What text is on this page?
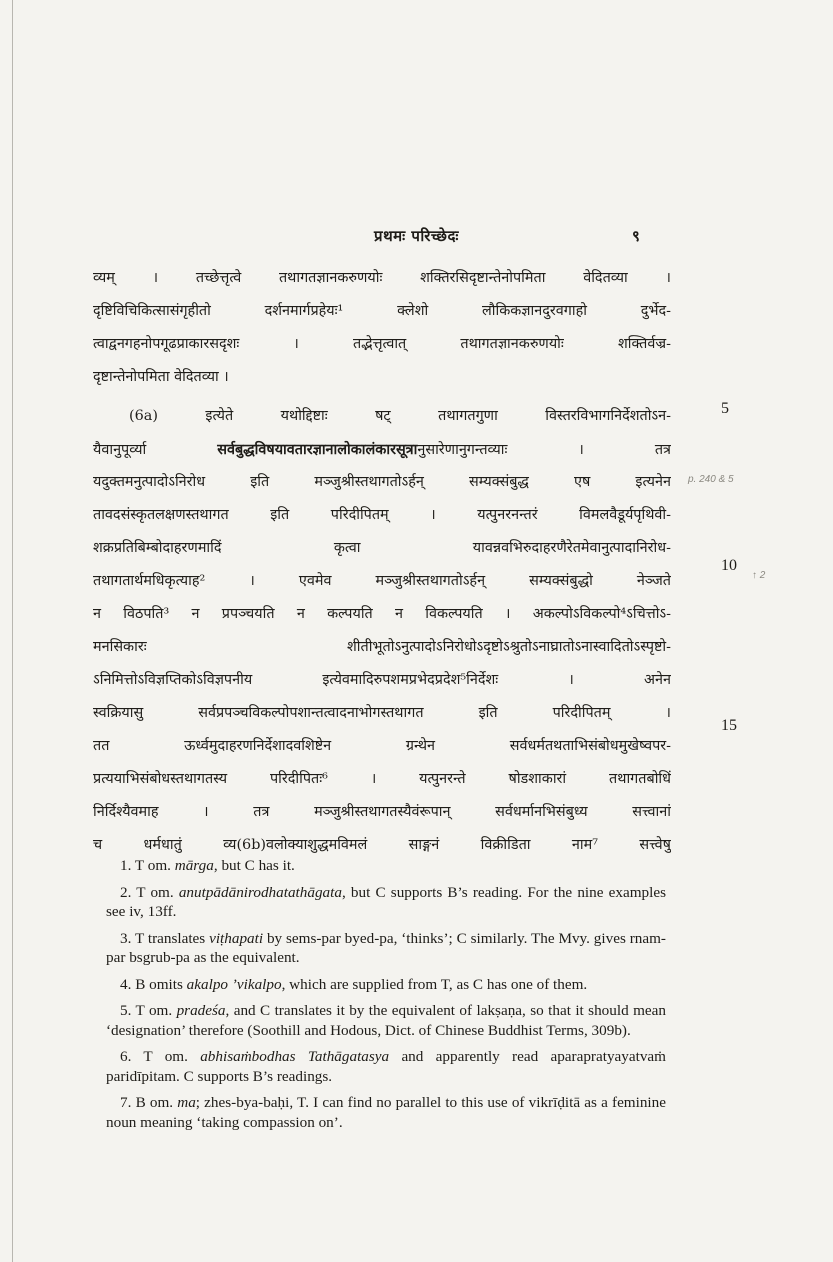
प्रथमः परिच्छेदः	९
व्यम् । तच्छेत्तृत्वे तथागतज्ञानकरुणयोः शक्तिरसिदृष्टान्तेनोपमिता वेदितव्या ।
दृष्टिविचिकित्सासंगृहीतो दर्शनमार्गप्रहेयः¹ क्लेशो लौकिकज्ञानदुरवगाहो दुर्भेद-
त्वाद्वनगहनोपगूढप्राकारसदृशः । तद्भेत्तृत्वात् तथागतज्ञानकरुणयोः शक्तिर्वज्र-
दृष्टान्तेनोपमिता वेदितव्या ।
(6a) इत्येते यथोद्दिष्टाः षट् तथागतगुणा विस्तरविभागनिर्देशतोऽन-
यैवानुपूर्व्या सर्वबुद्धविषयावतारज्ञानालोकालंकारसूत्रानुसारेणानुगन्तव्याः । तत्र
यदुक्तमनुत्पादोऽनिरोध इति मञ्जुश्रीस्तथागतोऽर्हन् सम्यक्संबुद्ध एष इत्यनेन
तावदसंस्कृतलक्षणस्तथागत इति परिदीपितम् । यत्पुनरनन्तरं विमलवैडूर्यपृथिवी-
शक्रप्रतिबिम्बोदाहरणमादिं कृत्वा यावन्नवभिरुदाहरणैरेतमेवानुत्पादानिरोध-
तथागतार्थमधिकृत्याह² । एवमेव मञ्जुश्रीस्तथागतोऽर्हन् सम्यक्संबुद्धो नेञ्जते
न विठपति³ न प्रपञ्चयति न कल्पयति न विकल्पयति । अकल्पोऽविकल्पो⁴ऽचित्तोऽ-
मनसिकारः शीतीभूतोऽनुत्पादोऽनिरोधोऽदृष्टोऽश्रुतोऽनाघ्रातोऽनास्वादितोऽस्पृष्टो-
ऽनिमित्तोऽविज्ञप्तिकोऽविज्ञपनीय इत्येवमादिरुपशमप्रभेदप्रदेश⁵निर्देशः । अनेन
स्वक्रियासु सर्वप्रपञ्चविकल्पोपशान्तत्वादनाभोगस्तथागत इति परिदीपितम् ।
तत ऊर्ध्वमुदाहरणनिर्देशादवशिष्टेन ग्रन्थेन सर्वधर्मतथताभिसंबोधमुखेष्वपर-
प्रत्ययाभिसंबोधस्तथागतस्य परिदीपितः⁶ । यत्पुनरन्ते षोडशाकारां तथागतबोधिं
निर्दिश्यैवमाह । तत्र मञ्जुश्रीस्तथागतस्यैवंरूपान् सर्वधर्मानभिसंबुध्य सत्त्वानां
च धर्मधातुं व्य(6b)वलोक्याशुद्धमविमलं साङ्गनं विक्रीडिता नाम⁷ सत्त्वेषु
5
10
15
p. 240 & 5
↑ 2
1. T om. mārga, but C has it.
2. T om. anutpādānirodhatathāgata, but C supports B’s reading. For the nine examples see iv, 13ff.
3. T translates viṭhapati by sems-par byed-pa, ‘thinks’; C similarly. The Mvy. gives rnam-par bsgrub-pa as the equivalent.
4. B omits akalpo ’vikalpo, which are supplied from T, as C has one of them.
5. T om. pradeśa, and C translates it by the equivalent of lakṣaṇa, so that it should mean ‘designation’ therefore (Soothill and Hodous, Dict. of Chinese Buddhist Terms, 309b).
6. T om. abhisaṁbodhas Tathāgatasya and apparently read aparapratyayatvaṁ paridīpitam. C supports B’s readings.
7. B om. ma; zhes-bya-baḥi, T. I can find no parallel to this use of vikrīḍitā as a feminine noun meaning ‘taking compassion on’.
